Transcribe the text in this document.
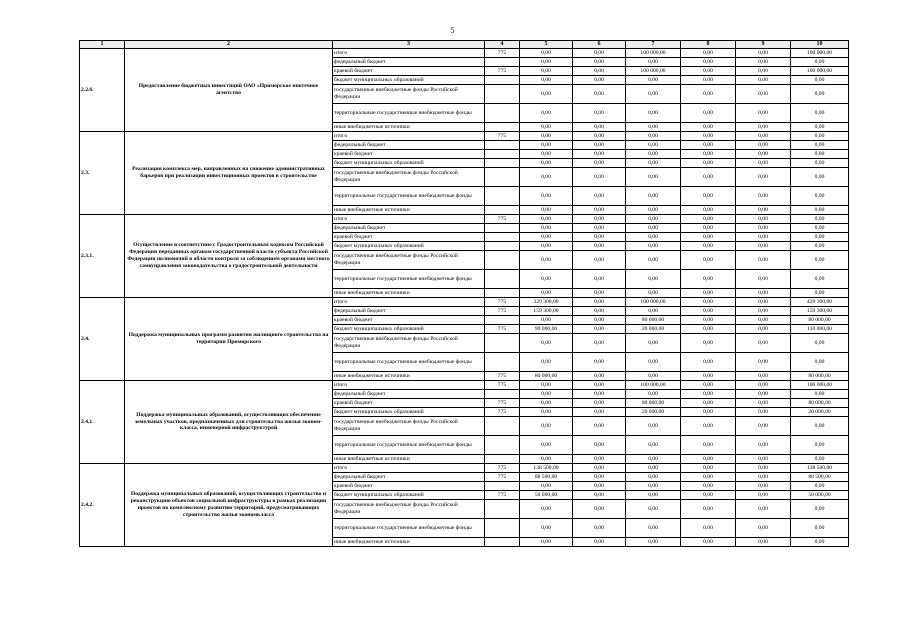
5
1	2	3	4	5	6	7	8	9	10
2.2.6.	Предоставление бюджетных инвестиций ОАО «Приморское ипотечное агентство	итого	775	0,00	0,00	100 000,00	0,00	0,00	100 000,00
		федеральный бюджет		0,00	0,00	0,00	0,00	0,00	0,00
		краевой бюджет	775	0,00	0,00	100 000,00	0,00	0,00	100 000,00
		бюджет муниципальных образований		0,00	0,00	0,00	0,00	0,00	0,00
		государственные внебюджетные фонды Российской Федерации		0,00	0,00	0,00	0,00	0,00	0,00
		территориальные государственные внебюджетные фонды		0,00	0,00	0,00	0,00	0,00	0,00
		иные внебюджетные источники		0,00	0,00	0,00	0,00	0,00	0,00
2.3.	Реализация комплекса мер, направленных на снижение административных барьеров при реализации инвестиционных проектов в строительстве	итого	775	0,00	0,00	0,00	0,00	0,00	0,00
		федеральный бюджет		0,00	0,00	0,00	0,00	0,00	0,00
		краевой бюджет		0,00	0,00	0,00	0,00	0,00	0,00
		бюджет муниципальных образований		0,00	0,00	0,00	0,00	0,00	0,00
		государственные внебюджетные фонды Российской Федерации		0,00	0,00	0,00	0,00	0,00	0,00
		территориальные государственные внебюджетные фонды		0,00	0,00	0,00	0,00	0,00	0,00
		иные внебюджетные источники		0,00	0,00	0,00	0,00	0,00	0,00
2.3.1.	Осуществление в соответствие с Градостроительным кодексом Российской Федерации переданных органам государственной власти субъекта Российской Федерации полномочий в области контроля за соблюдением органами местного самоуправления законодательства о градостроительной деятельности	итого	775	0,00	0,00	0,00	0,00	0,00	0,00
		федеральный бюджет		0,00	0,00	0,00	0,00	0,00	0,00
		краевой бюджет		0,00	0,00	0,00	0,00	0,00	0,00
		бюджет муниципальных образований		0,00	0,00	0,00	0,00	0,00	0,00
		государственные внебюджетные фонды Российской Федерации		0,00	0,00	0,00	0,00	0,00	0,00
		территориальные государственные внебюджетные фонды		0,00	0,00	0,00	0,00	0,00	0,00
		иные внебюджетные источники		0,00	0,00	0,00	0,00	0,00	0,00
2.4.	Поддержка муниципальных программ развития жилищного строительства на территории Приморского	итого	775	329 300,00	0,00	100 000,00	0,00	0,00	429 300,00
		федеральный бюджет	775	159 300,00	0,00	0,00	0,00	0,00	159 300,00
		краевой бюджет		0,00	0,00	80 000,00	0,00	0,00	80 000,00
		бюджет муниципальных образований	775	90 000,00	0,00	20 000,00	0,00	0,00	110 000,00
		государственные внебюджетные фонды Российской Федерации		0,00	0,00	0,00	0,00	0,00	0,00
		территориальные государственные внебюджетные фонды		0,00	0,00	0,00	0,00	0,00	0,00
		иные внебюджетные источники	775	80 000,00	0,00	0,00	0,00	0,00	80 000,00
2.4.1.	Поддержка муниципальных образований, осуществляющих обеспечение земельных участков, предназначенных для строительства жилья эконом-класса, инженерной инфраструктурой	итого	775	0,00	0,00	100 000,00	0,00	0,00	100 000,00
		федеральный бюджет		0,00	0,00	0,00	0,00	0,00	0,00
		краевой бюджет	775	0,00	0,00	80 000,00	0,00	0,00	80 000,00
		бюджет муниципальных образований	775	0,00	0,00	20 000,00	0,00	0,00	20 000,00
		государственные внебюджетные фонды Российской Федерации		0,00	0,00	0,00	0,00	0,00	0,00
		территориальные государственные внебюджетные фонды		0,00	0,00	0,00	0,00	0,00	0,00
		иные внебюджетные источники		0,00	0,00	0,00	0,00	0,00	0,00
2.4.2.	Поддержка муниципальных образований, осуществляющих строительство и реконструкцию объектов социальной инфраструктуры в рамках реализации проектов по комплексному развитию территорий, предусматривающих строительство жилья экономкласса	итого	775	138 500,00	0,00	0,00	0,00	0,00	138 500,00
		федеральный бюджет	775	88 500,00	0,00	0,00	0,00	0,00	88 500,00
		краевой бюджет		0,00	0,00	0,00	0,00	0,00	0,00
		бюджет муниципальных образований	775	50 000,00	0,00	0,00	0,00	0,00	50 000,00
		государственные внебюджетные фонды Российской Федерации		0,00	0,00	0,00	0,00	0,00	0,00
		территориальные государственные внебюджетные фонды		0,00	0,00	0,00	0,00	0,00	0,00
		иные внебюджетные источники		0,00	0,00	0,00	0,00	0,00	0,00
